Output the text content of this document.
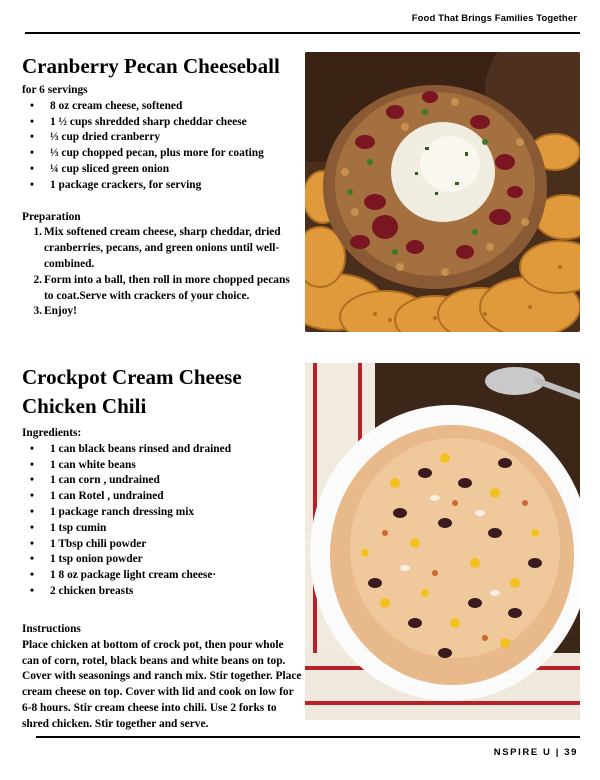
Food That Brings Families Together
Cranberry Pecan Cheeseball
for 6 servings
• 8 oz cream cheese, softened
• 1 ½ cups shredded sharp cheddar cheese
• ⅓ cup dried cranberry
• ⅓ cup chopped pecan, plus more for coating
• ¼ cup sliced green onion
• 1 package crackers, for serving
Preparation
1. Mix softened cream cheese, sharp cheddar, dried cranberries, pecans, and green onions until well-combined.
2. Form into a ball, then roll in more chopped pecans to coat.Serve with crackers of your choice.
3. Enjoy!
Crockpot Cream Cheese
Chicken Chili
Ingredients:
• 1 can black beans rinsed and drained
• 1 can white beans
• 1 can corn , undrained
• 1 can Rotel , undrained
• 1 package ranch dressing mix
• 1 tsp cumin
• 1 Tbsp chili powder
• 1 tsp onion powder
• 1 8 oz package light cream cheese·
• 2 chicken breasts
Instructions
Place chicken at bottom of crock pot, then pour whole can of corn, rotel, black beans and white beans on top. Cover with seasonings and ranch mix. Stir together. Place cream cheese on top. Cover with lid and cook on low for 6-8 hours. Stir cream cheese into chili. Use 2 forks to shred chicken. Stir together and serve.
NSPIRE U | 39
